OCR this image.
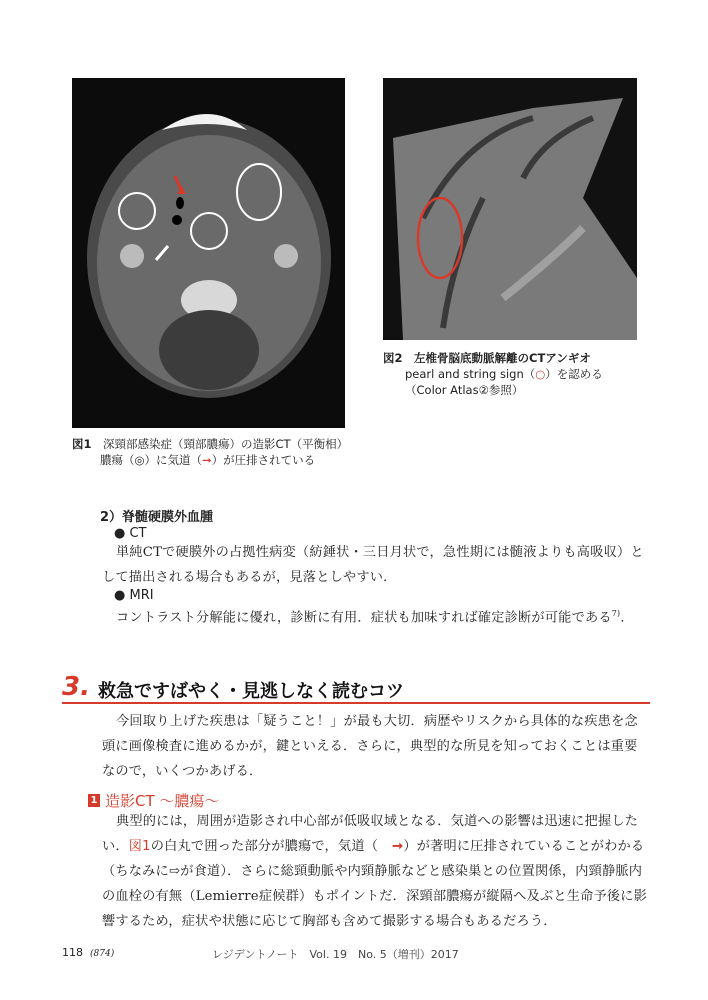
図1　 深頸部感染症（頸部膿瘍）の造影CT（平衡相）
膿瘍（◎）に気道（➞）が圧排されている
図2　 左椎骨脳底動脈解離のCTアンギオ
pearl and string sign（○）を認める
（Color Atlas②参照）
2）脊髄硬膜外血腫
● CT
単純CTで硬膜外の占拠性病変（紡錘状・三日月状で，急性期には髄液よりも高吸収）として描出される場合もあるが，見落としやすい．
● MRI
コントラスト分解能に優れ，診断に有用．症状も加味すれば確定診断が可能である$^{7)}$．
3. 救急ですばやく・見逃しなく読むコツ
今回取り上げた疾患は「疑うこと！」が最も大切．病歴やリスクから具体的な疾患を念頭に画像検査に進めるかが，鍵といえる．さらに，典型的な所見を知っておくことは重要なので，いくつかあげる．
1 造影CT 〜膿瘍〜
典型的には，周囲が造影され中心部が低吸収域となる．気道への影響は迅速に把握したい．図1の白丸で囲った部分が膿瘍で，気道（ ➞）が著明に圧排されていることがわかる（ちなみに⇨が食道）．さらに総頸動脈や内頸静脈などと感染巣との位置関係，内頸静脈内の血栓の有無（Lemierre症候群）もポイントだ．深頸部膿瘍が縦隔へ及ぶと生命予後に影響するため，症状や状態に応じて胸部も含めて撮影する場合もあるだろう．
118 (874)	レジデントノート　Vol. 19　No. 5（増刊）2017
